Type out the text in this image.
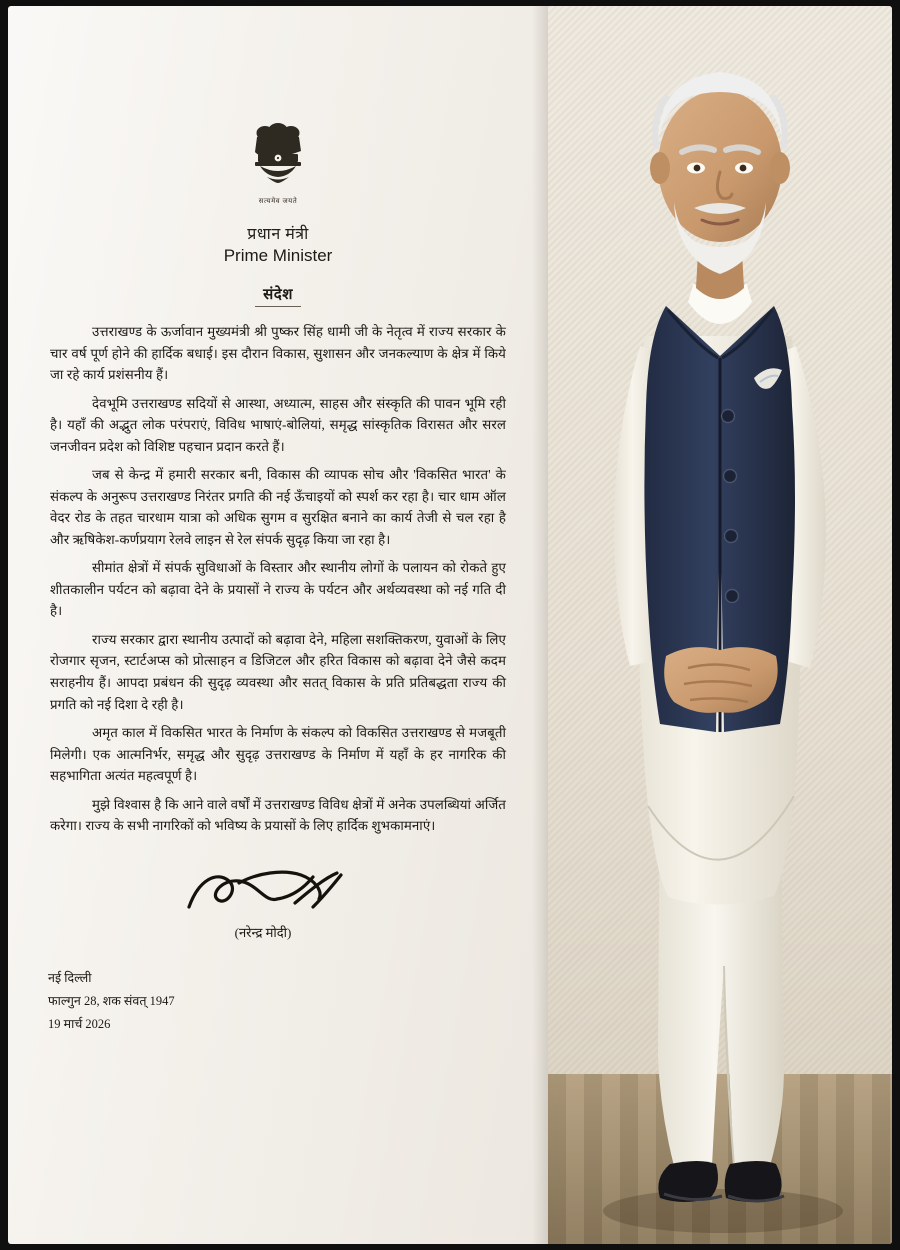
सत्यमेव जयते
प्रधान मंत्री
Prime Minister
संदेश

उत्तराखण्ड के ऊर्जावान मुख्यमंत्री श्री पुष्कर सिंह धामी जी के नेतृत्व में राज्य सरकार के चार वर्ष पूर्ण होने की हार्दिक बधाई। इस दौरान विकास, सुशासन और जनकल्याण के क्षेत्र में किये जा रहे कार्य प्रशंसनीय हैं।

देवभूमि उत्तराखण्ड सदियों से आस्था, अध्यात्म, साहस और संस्कृति की पावन भूमि रही है। यहाँ की अद्भुत लोक परंपराएं, विविध भाषाएं-बोलियां, समृद्ध सांस्कृतिक विरासत और सरल जनजीवन प्रदेश को विशिष्ट पहचान प्रदान करते हैं।

जब से केन्द्र में हमारी सरकार बनी, विकास की व्यापक सोच और 'विकसित भारत' के संकल्प के अनुरूप उत्तराखण्ड निरंतर प्रगति की नई ऊँचाइयों को स्पर्श कर रहा है। चार धाम ऑल वेदर रोड के तहत चारधाम यात्रा को अधिक सुगम व सुरक्षित बनाने का कार्य तेजी से चल रहा है और ऋषिकेश-कर्णप्रयाग रेलवे लाइन से रेल संपर्क सुदृढ़ किया जा रहा है।

सीमांत क्षेत्रों में संपर्क सुविधाओं के विस्तार और स्थानीय लोगों के पलायन को रोकते हुए शीतकालीन पर्यटन को बढ़ावा देने के प्रयासों ने राज्य के पर्यटन और अर्थव्यवस्था को नई गति दी है।

राज्य सरकार द्वारा स्थानीय उत्पादों को बढ़ावा देने, महिला सशक्तिकरण, युवाओं के लिए रोजगार सृजन, स्टार्टअप्स को प्रोत्साहन व डिजिटल और हरित विकास को बढ़ावा देने जैसे कदम सराहनीय हैं। आपदा प्रबंधन की सुदृढ़ व्यवस्था और सतत् विकास के प्रति प्रतिबद्धता राज्य की प्रगति को नई दिशा दे रही है।

अमृत काल में विकसित भारत के निर्माण के संकल्प को विकसित उत्तराखण्ड से मजबूती मिलेगी। एक आत्मनिर्भर, समृद्ध और सुदृढ़ उत्तराखण्ड के निर्माण में यहाँ के हर नागरिक की सहभागिता अत्यंत महत्वपूर्ण है।

मुझे विश्वास है कि आने वाले वर्षों में उत्तराखण्ड विविध क्षेत्रों में अनेक उपलब्धियां अर्जित करेगा। राज्य के सभी नागरिकों को भविष्य के प्रयासों के लिए हार्दिक शुभकामनाएं।

(नरेन्द्र मोदी)
नई दिल्ली
फाल्गुन 28, शक संवत् 1947
19 मार्च 2026
